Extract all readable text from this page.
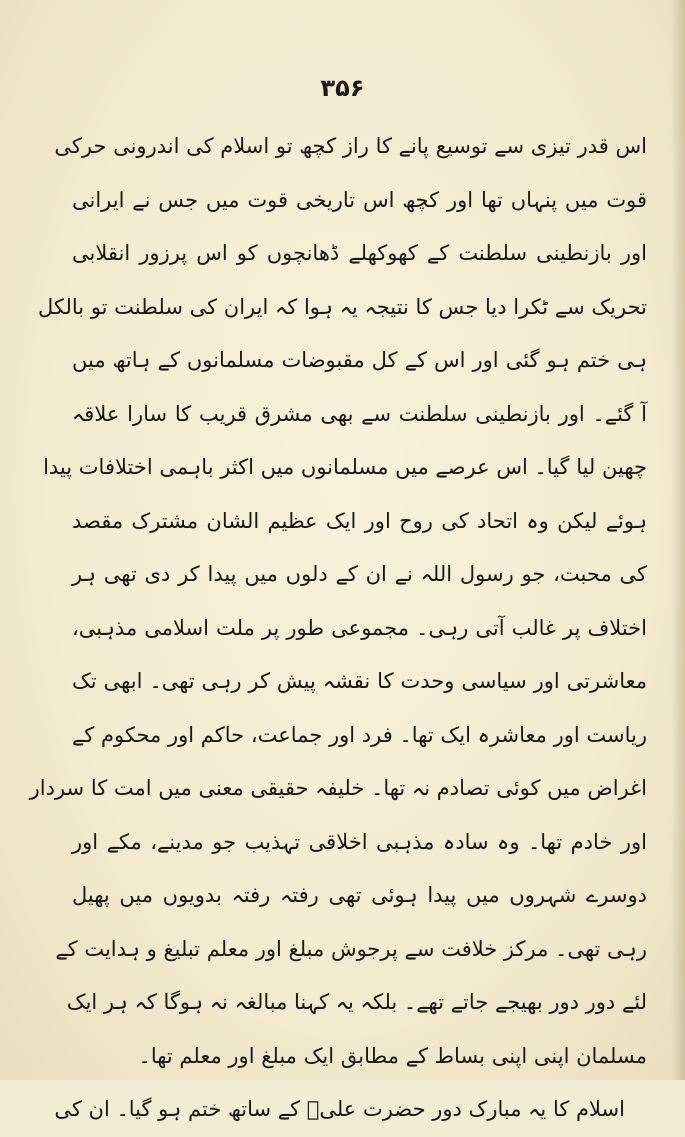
۳۵۶
اس قدر تیزی سے توسیع پانے کا راز کچھ تو اسلام کی اندرونی حرکی
قوت میں پنہاں تھا اور کچھ اس تاریخی قوت میں جس نے ایرانی
اور بازنطینی سلطنت کے کھوکھلے ڈھانچوں کو اس پرزور انقلابی
تحریک سے ٹکرا دیا جس کا نتیجہ یہ ہوا کہ ایران کی سلطنت تو بالکل
ہی ختم ہو گئی اور اس کے کل مقبوضات مسلمانوں کے ہاتھ میں
آ گئے۔ اور بازنطینی سلطنت سے بھی مشرق قریب کا سارا علاقہ
چھین لیا گیا۔ اس عرصے میں مسلمانوں میں اکثر باہمی اختلافات پیدا
ہوئے لیکن وہ اتحاد کی روح اور ایک عظیم الشان مشترک مقصد
کی محبت، جو رسول اللہ نے ان کے دلوں میں پیدا کر دی تھی ہر
اختلاف پر غالب آتی رہی۔ مجموعی طور پر ملت اسلامی مذہبی،
معاشرتی اور سیاسی وحدت کا نقشہ پیش کر رہی تھی۔ ابھی تک
ریاست اور معاشرہ ایک تھا۔ فرد اور جماعت، حاکم اور محکوم کے
اغراض میں کوئی تصادم نہ تھا۔ خلیفہ حقیقی معنی میں امت کا سردار
اور خادم تھا۔ وہ سادہ مذہبی اخلاقی تہذیب جو مدینے، مکے اور
دوسرے شہروں میں پیدا ہوئی تھی رفتہ رفتہ بدویوں میں پھیل
رہی تھی۔ مرکز خلافت سے پرجوش مبلغ اور معلم تبلیغ و ہدایت کے
لئے دور دور بھیجے جاتے تھے۔ بلکہ یہ کہنا مبالغہ نہ ہوگا کہ ہر ایک
مسلمان اپنی اپنی بساط کے مطابق ایک مبلغ اور معلم تھا۔
اسلام کا یہ مبارک دور حضرت علیؓ کے ساتھ ختم ہو گیا۔ ان کی
